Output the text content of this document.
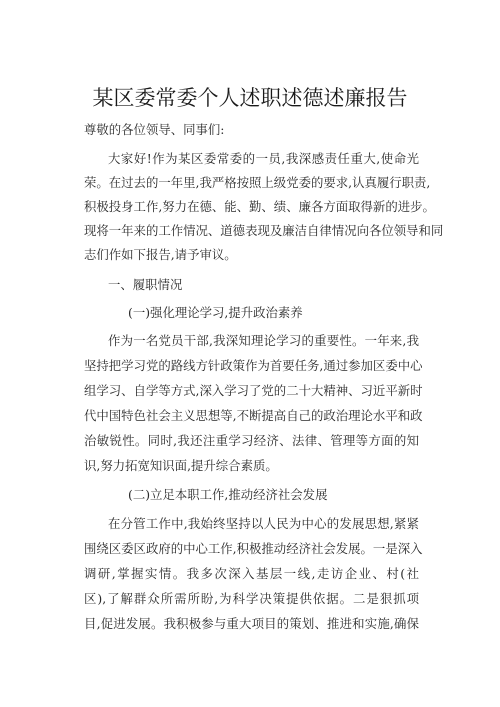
某区委常委个人述职述德述廉报告
尊敬的各位领导、同事们:
大家好!作为某区委常委的一员,我深感责任重大,使命光
荣。在过去的一年里,我严格按照上级党委的要求,认真履行职责,
积极投身工作,努力在德、能、勤、绩、廉各方面取得新的进步。
现将一年来的工作情况、道德表现及廉洁自律情况向各位领导和同
志们作如下报告,请予审议。
一、履职情况
(一)强化理论学习,提升政治素养
作为一名党员干部,我深知理论学习的重要性。一年来,我
坚持把学习党的路线方针政策作为首要任务,通过参加区委中心
组学习、自学等方式,深入学习了党的二十大精神、习近平新时
代中国特色社会主义思想等,不断提高自己的政治理论水平和政
治敏锐性。同时,我还注重学习经济、法律、管理等方面的知
识,努力拓宽知识面,提升综合素质。
(二)立足本职工作,推动经济社会发展
在分管工作中,我始终坚持以人民为中心的发展思想,紧紧
围绕区委区政府的中心工作,积极推动经济社会发展。一是深入
调研,掌握实情。我多次深入基层一线,走访企业、村(社
区),了解群众所需所盼,为科学决策提供依据。二是狠抓项
目,促进发展。我积极参与重大项目的策划、推进和实施,确保
